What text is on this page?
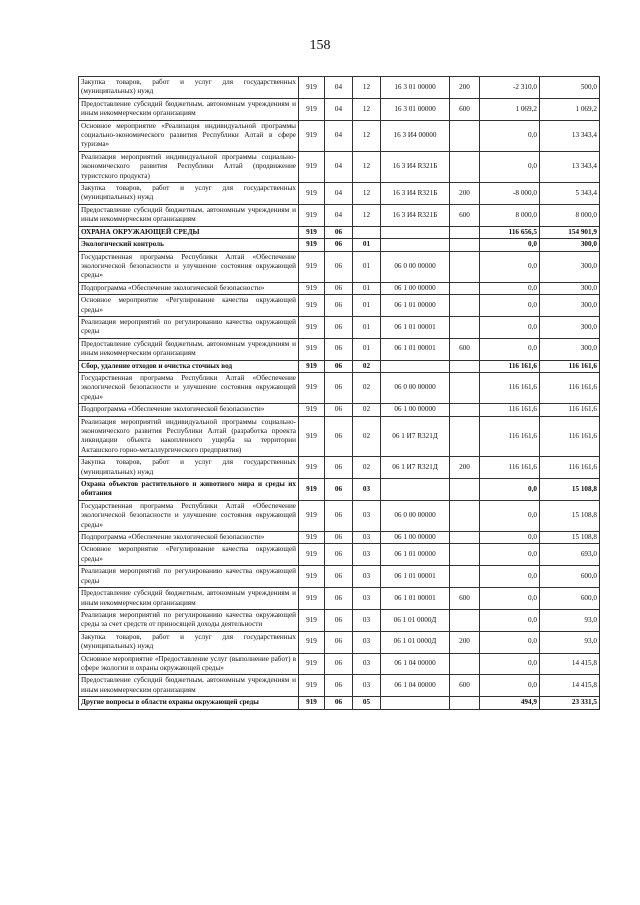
158
Закупка товаров, работ и услуг для государственных (муниципальных) нужд	919	04	12	16 3 01 00000	200	-2 310,0	500,0
Предоставление субсидий бюджетным, автономным учреждениям и иным некоммерческим организациям	919	04	12	16 3 01 00000	600	1 069,2	1 069,2
Основное мероприятие «Реализация индивидуальной программы социально-экономического развития Республики Алтай в сфере туризма»	919	04	12	16 3 И4 00000		0,0	13 343,4
Реализация мероприятий индивидуальной программы социально-экономического развития Республики Алтай (продвижение туристского продукта)	919	04	12	16 3 И4 R321Б		0,0	13 343,4
Закупка товаров, работ и услуг для государственных (муниципальных) нужд	919	04	12	16 3 И4 R321Б	200	-8 000,0	5 343,4
Предоставление субсидий бюджетным, автономным учреждениям и иным некоммерческим организациям	919	04	12	16 3 И4 R321Б	600	8 000,0	8 000,0
ОХРАНА ОКРУЖАЮЩЕЙ СРЕДЫ	919	06				116 656,5	154 901,9
Экологический контроль	919	06	01			0,0	300,0
Государственная программа Республики Алтай «Обеспечение экологической безопасности и улучшение состояния окружающей среды»	919	06	01	06 0 00 00000		0,0	300,0
Подпрограмма «Обеспечение экологической безопасности»	919	06	01	06 1 00 00000		0,0	300,0
Основное мероприятие «Регулирование качества окружающей среды»	919	06	01	06 1 01 00000		0,0	300,0
Реализация мероприятий по регулированию качества окружающей среды	919	06	01	06 1 01 00001		0,0	300,0
Предоставление субсидий бюджетным, автономным учреждениям и иным некоммерческим организациям	919	06	01	06 1 01 00001	600	0,0	300,0
Сбор, удаление отходов и очистка сточных вод	919	06	02			116 161,6	116 161,6
Государственная программа Республики Алтай «Обеспечение экологической безопасности и улучшение состояния окружающей среды»	919	06	02	06 0 00 00000		116 161,6	116 161,6
Подпрограмма «Обеспечение экологической безопасности»	919	06	02	06 1 00 00000		116 161,6	116 161,6
Реализация мероприятий индивидуальной программы социально-экономического развития Республики Алтай (разработка проекта ликвидации объекта накопленного ущерба на территории Акташского горно-металлургического предприятия)	919	06	02	06 1 И7 R321Д		116 161,6	116 161,6
Закупка товаров, работ и услуг для государственных (муниципальных) нужд	919	06	02	06 1 И7 R321Д	200	116 161,6	116 161,6
Охрана объектов растительного и животного мира и среды их обитания	919	06	03			0,0	15 108,8
Государственная программа Республики Алтай «Обеспечение экологической безопасности и улучшение состояния окружающей среды»	919	06	03	06 0 00 00000		0,0	15 108,8
Подпрограмма «Обеспечение экологической безопасности»	919	06	03	06 1 00 00000		0,0	15 108,8
Основное мероприятие «Регулирование качества окружающей среды»	919	06	03	06 1 01 00000		0,0	693,0
Реализация мероприятий по регулированию качества окружающей среды	919	06	03	06 1 01 00001		0,0	600,0
Предоставление субсидий бюджетным, автономным учреждениям и иным некоммерческим организациям	919	06	03	06 1 01 00001	600	0,0	600,0
Реализация мероприятий по регулированию качества окружающей среды за счет средств от приносящей доходы деятельности	919	06	03	06 1 01 0000Д		0,0	93,0
Закупка товаров, работ и услуг для государственных (муниципальных) нужд	919	06	03	06 1 01 0000Д	200	0,0	93,0
Основное мероприятие «Предоставление услуг (выполнение работ) в сфере экологии и охраны окружающей среды»	919	06	03	06 1 04 00000		0,0	14 415,8
Предоставление субсидий бюджетным, автономным учреждениям и иным некоммерческим организациям	919	06	03	06 1 04 00000	600	0,0	14 415,8
Другие вопросы в области охраны окружающей среды	919	06	05			494,9	23 331,5
